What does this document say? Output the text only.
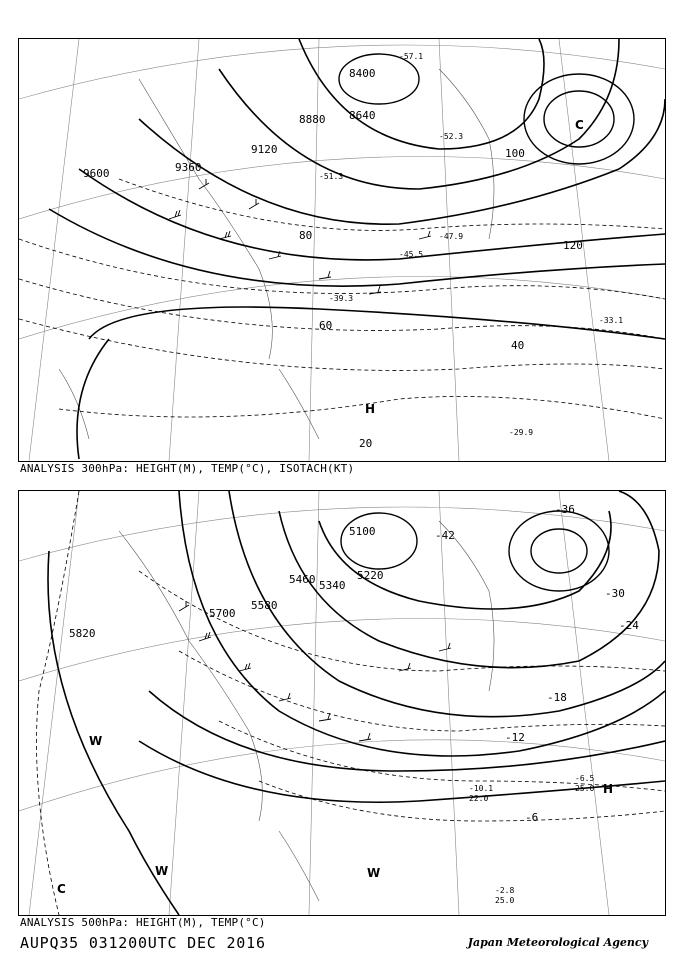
8400
8640
8880
9120
9360
9600
20
40
60
80
100
120
-29.9
-33.1
-39.3
-45.5
-47.9
-52.3
-51.3
-57.1
H
C
ANALYSIS 300hPa: HEIGHT(M), TEMP(°C), ISOTACH(KT)
5100
5220
5340
5460
5580
5700
5820
-36
-42
-30
-24
-18
-12
-6
-10.1
22.0
-6.5
25.0
-2.8
25.0
H
W
W
W
C
ANALYSIS 500hPa: HEIGHT(M), TEMP(°C)
AUPQ35 031200UTC DEC 2016	Japan Meteorological Agency
